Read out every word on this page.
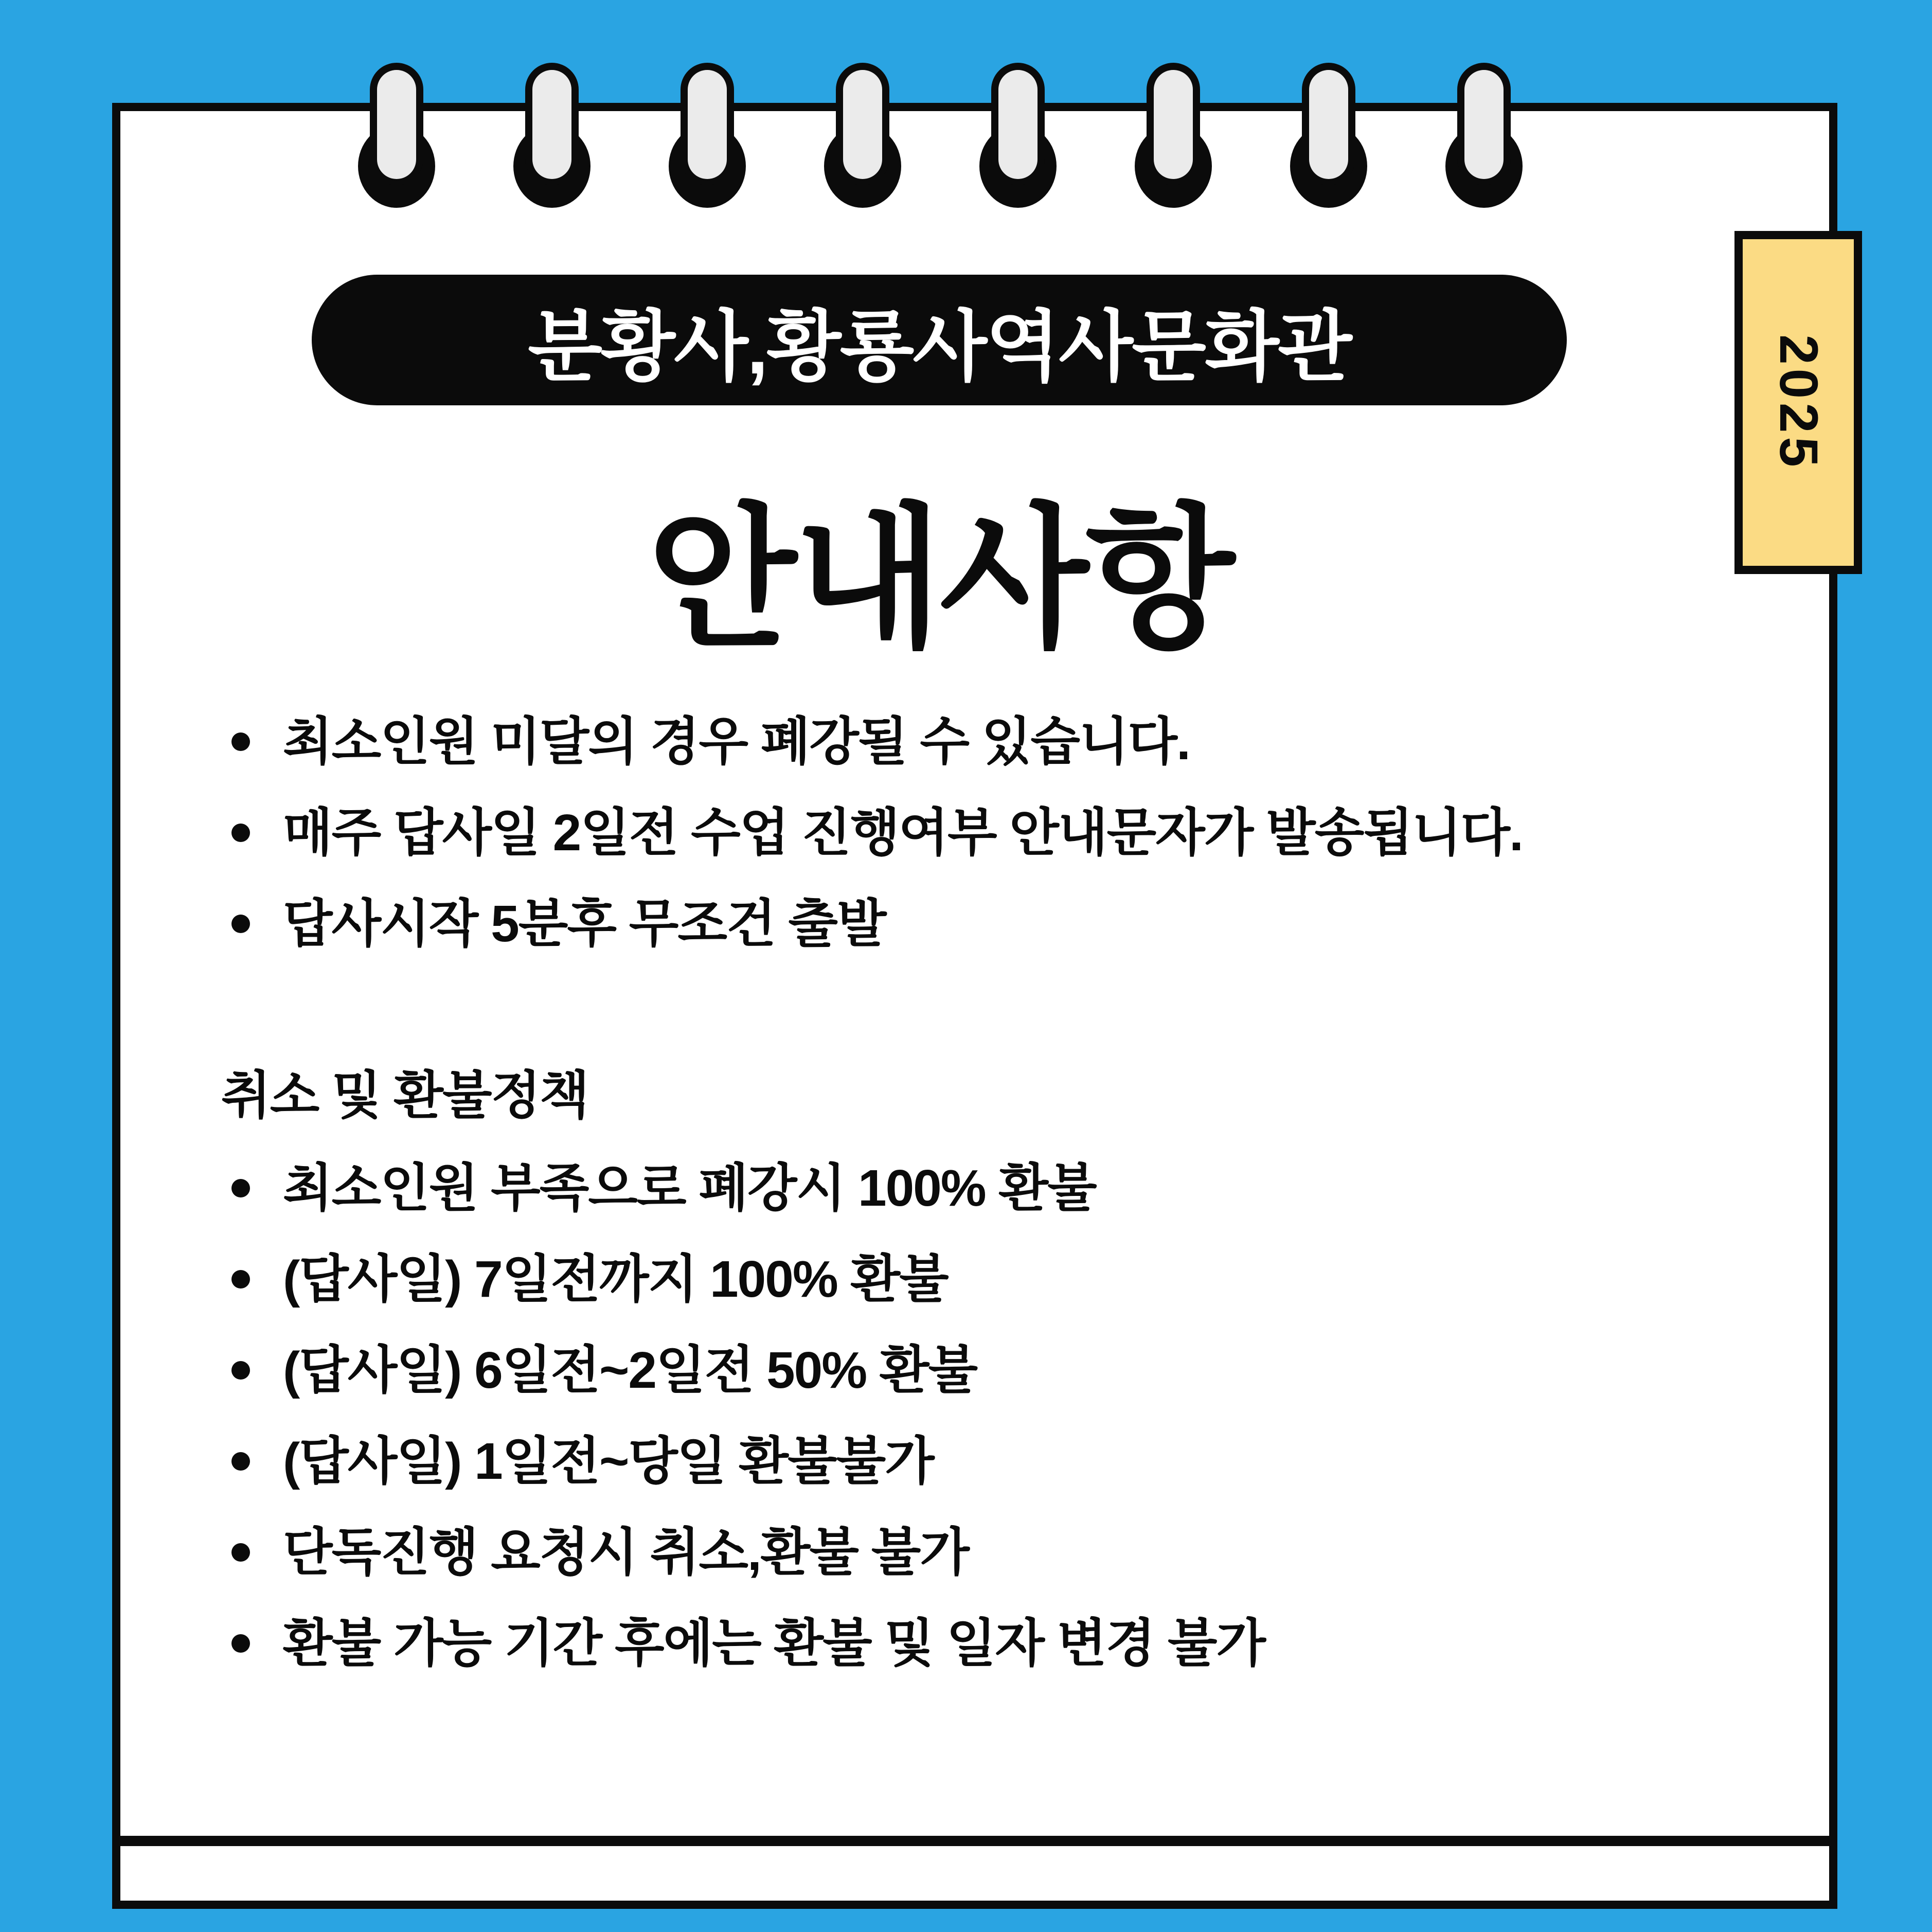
분황사,황룡사역사문화관	2025
안내사항
최소인원 미달의 경우 폐강될 수 있습니다.
매주 답사일 2일전 수업 진행여부 안내문자가 발송됩니다.
답사시작 5분후 무조건 출발
취소 및 환불정책
최소인원 부족으로 폐강시 100% 환불
(답사일) 7일전까지 100% 환불
(답사일) 6일전~2일전 50% 환불
(답사일) 1일전~당일 환불불가
단독진행 요청시 취소,환불 불가
환불 가능 기간 후에는 환불 및 일자 변경 불가
